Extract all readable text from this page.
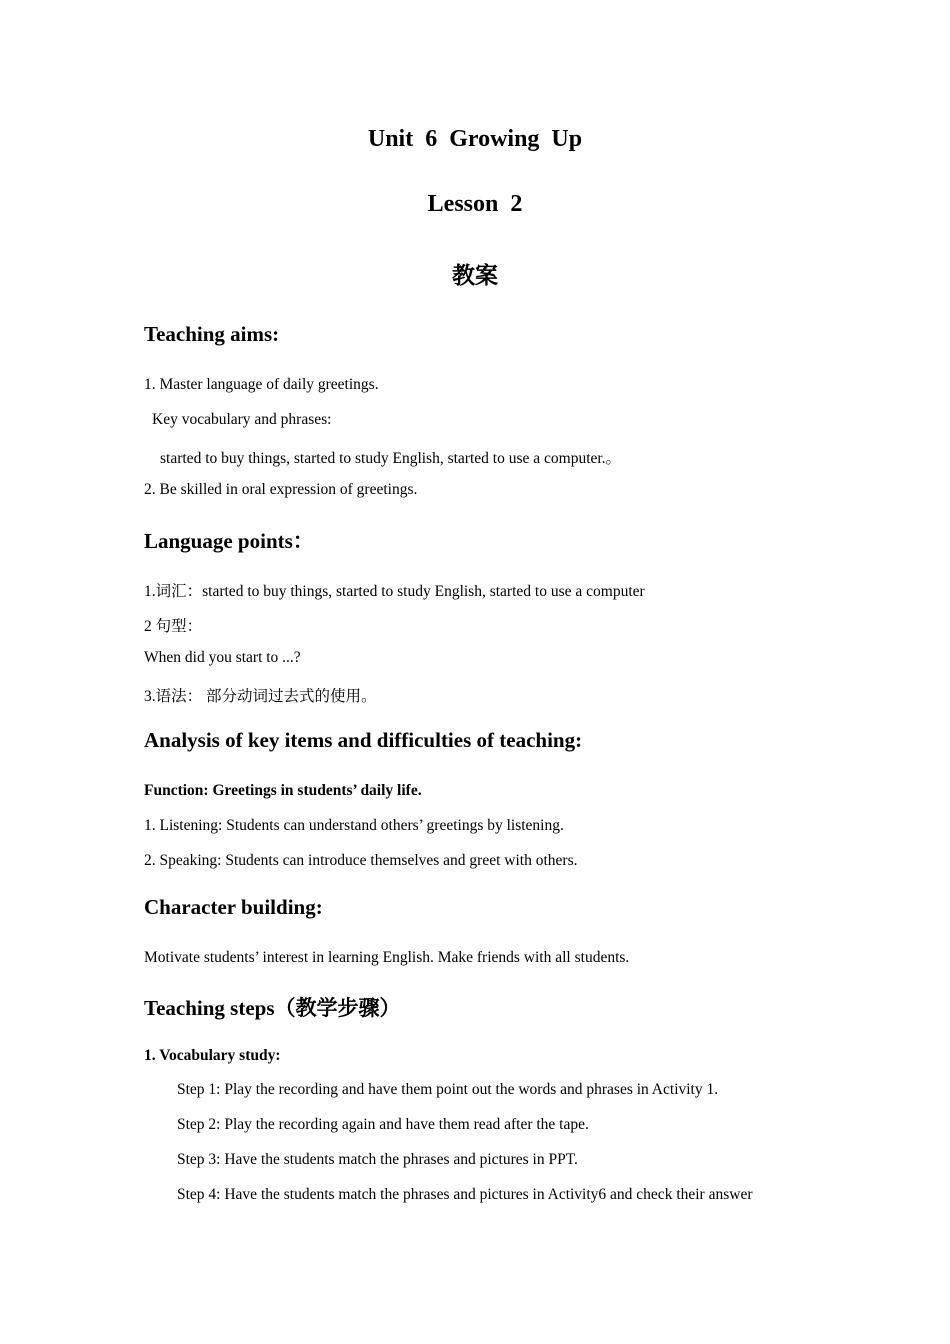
Unit 6 Growing Up
Lesson 2
教案
Teaching aims:
1. Master language of daily greetings.
Key vocabulary and phrases:
started to buy things, started to study English, started to use a computer.。
2. Be skilled in oral expression of greetings.
Language points：
1.词汇：started to buy things, started to study English, started to use a computer
2 句型：
When did you start to ...?
3.语法： 部分动词过去式的使用。
Analysis of key items and difficulties of teaching:
Function: Greetings in students’ daily life.
1. Listening: Students can understand others’ greetings by listening.
2. Speaking: Students can introduce themselves and greet with others.
Character building:
Motivate students’ interest in learning English. Make friends with all students.
Teaching steps（教学步骤）
1. Vocabulary study:
Step 1: Play the recording and have them point out the words and phrases in Activity 1.
Step 2: Play the recording again and have them read after the tape.
Step 3: Have the students match the phrases and pictures in PPT.
Step 4: Have the students match the phrases and pictures in Activity6 and check their answer
